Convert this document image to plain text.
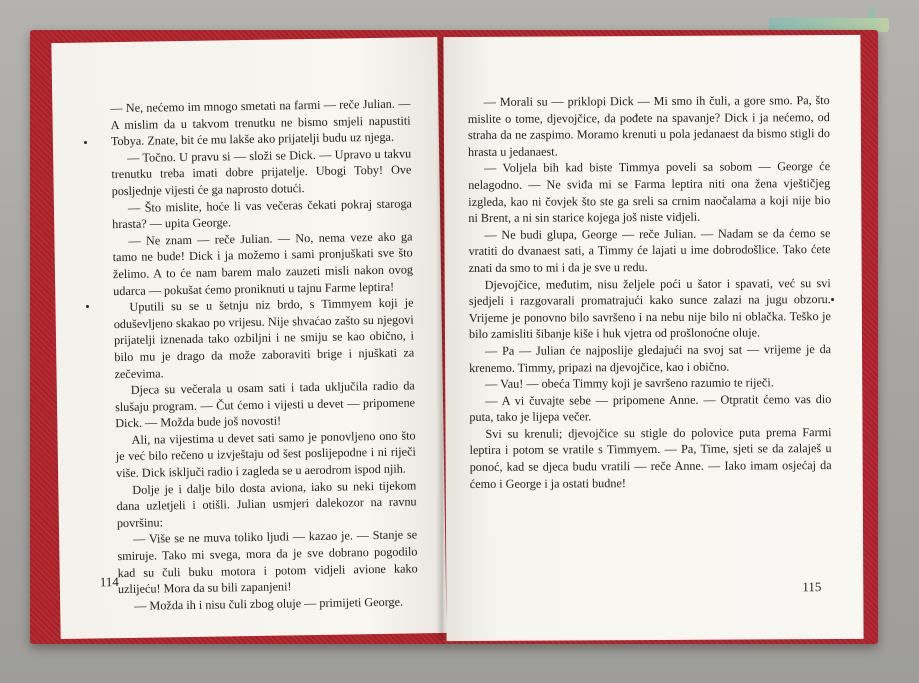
— Ne, nećemo im mnogo smetati na farmi — reče Julian. — A mislim da u takvom trenutku ne bismo smjeli napustiti Tobya. Znate, bit će mu lakše ako prijatelji budu uz njega.

— Točno. U pravu si — složi se Dick. — Upravo u takvu trenutku treba imati dobre prijatelje. Ubogi Toby! Ove posljednje vijesti će ga naprosto dotući.

— Što mislite, hoće li vas večeras čekati pokraj staroga hrasta? — upita George.

— Ne znam — reče Julian. — No, nema veze ako ga tamo ne bude! Dick i ja možemo i sami pronjuškati sve što želimo. A to će nam barem malo zauzeti misli nakon ovog udarca — pokušat ćemo proniknuti u tajnu Farme leptira!

Uputili su se u šetnju niz brdo, s Timmyem koji je oduševljeno skakao po vrijesu. Nije shvaćao zašto su njegovi prijatelji iznenada tako ozbiljni i ne smiju se kao obično, i bilo mu je drago da može zaboraviti brige i njuškati za zečevima.

Djeca su večerala u osam sati i tada uključila radio da slušaju program. — Čut ćemo i vijesti u devet — pripomene Dick. — Možda bude još novosti!

Ali, na vijestima u devet sati samo je ponovljeno ono što je već bilo rečeno u izvještaju od šest poslijepodne i ni riječi više. Dick isključi radio i zagleda se u aerodrom ispod njih.

Dolje je i dalje bilo dosta aviona, iako su neki tijekom dana uzletjeli i otišli. Julian usmjeri dalekozor na ravnu površinu:

— Više se ne muva toliko ljudi — kazao je. — Stanje se smiruje. Tako mi svega, mora da je sve dobrano pogodilo kad su čuli buku motora i potom vidjeli avione kako uzlijeću! Mora da su bili zapanjeni!

— Možda ih i nisu čuli zbog oluje — primijeti George.

114

— Morali su — priklopi Dick — Mi smo ih čuli, a gore smo. Pa, što mislite o tome, djevojčice, da pođete na spavanje? Dick i ja nećemo, od straha da ne zaspimo. Moramo krenuti u pola jedanaest da bismo stigli do hrasta u jedanaest.

— Voljela bih kad biste Timmya poveli sa sobom — George će nelagodno. — Ne sviđa mi se Farma leptira niti ona žena vještičjeg izgleda, kao ni čovjek što ste ga sreli sa crnim naočalama a koji nije bio ni Brent, a ni sin starice kojega još niste vidjeli.

— Ne budi glupa, George — reče Julian. — Nadam se da ćemo se vratiti do dvanaest sati, a Timmy će lajati u ime dobrodošlice. Tako ćete znati da smo to mi i da je sve u redu.

Djevojčice, međutim, nisu željele poći u šator i spavati, već su svi sjedjeli i razgovarali promatrajući kako sunce zalazi na jugu obzoru. Vrijeme je ponovno bilo savršeno i na nebu nije bilo ni oblačka. Teško je bilo zamisliti šibanje kiše i huk vjetra od prošlonoćne oluje.

— Pa — Julian će najposlije gledajući na svoj sat — vrijeme je da krenemo. Timmy, pripazi na djevojčice, kao i obično.

— Vau! — obeća Timmy koji je savršeno razumio te riječi.

— A vi čuvajte sebe — pripomene Anne. — Otpratit ćemo vas dio puta, tako je lijepa večer.

Svi su krenuli; djevojčice su stigle do polovice puta prema Farmi leptira i potom se vratile s Timmyem. — Pa, Time, sjeti se da zalaješ u ponoć, kad se djeca budu vratili — reče Anne. — Iako imam osjećaj da ćemo i George i ja ostati budne!

115
